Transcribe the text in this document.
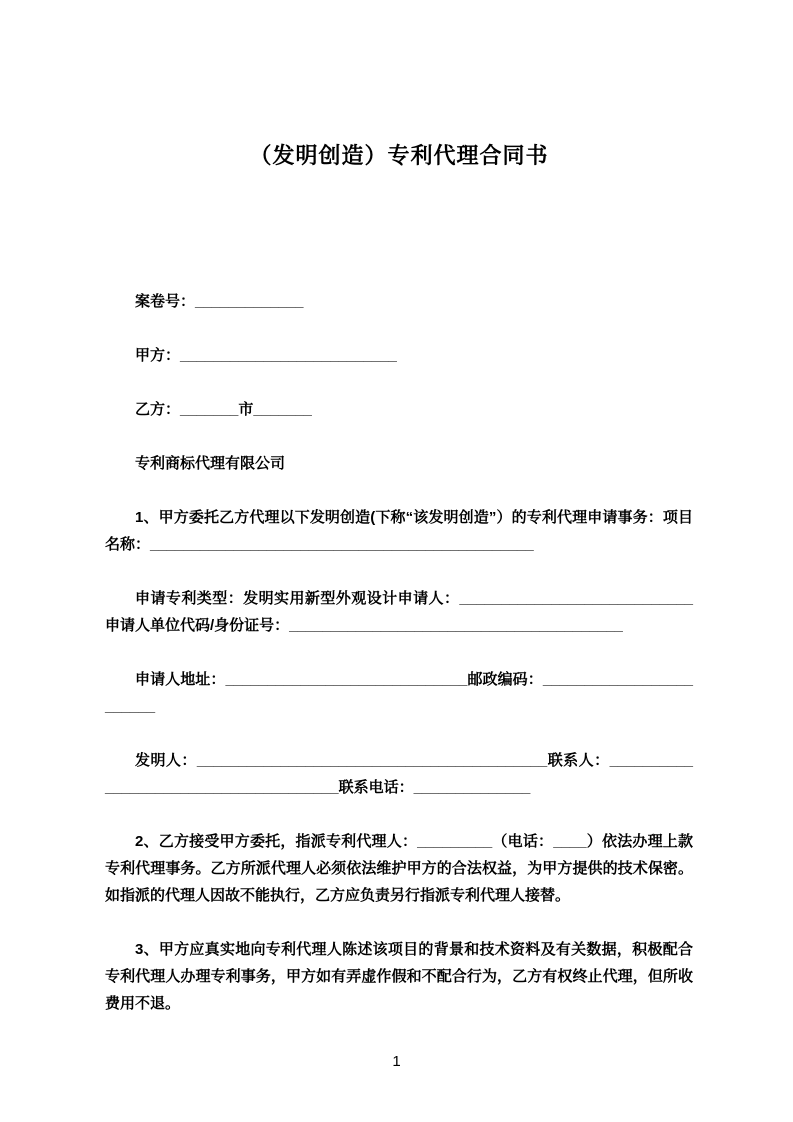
（发明创造）专利代理合同书

案卷号：_____________

甲方：__________________________

乙方：_______市_______

专利商标代理有限公司

1、甲方委托乙方代理以下发明创造(下称“该发明创造”）的专利代理申请事务：项目名称：______________________________________________

申请专利类型：发明实用新型外观设计申请人：____________________________申请人单位代码/身份证号：________________________________________

申请人地址：_____________________________邮政编码：________________________

发明人：__________________________________________联系人：______________________________________联系电话：______________

2、乙方接受甲方委托，指派专利代理人：_________（电话：____）依法办理上款专利代理事务。乙方所派代理人必须依法维护甲方的合法权益，为甲方提供的技术保密。如指派的代理人因故不能执行，乙方应负责另行指派专利代理人接替。

3、甲方应真实地向专利代理人陈述该项目的背景和技术资料及有关数据，积极配合专利代理人办理专利事务，甲方如有弄虚作假和不配合行为，乙方有权终止代理，但所收费用不退。

1
